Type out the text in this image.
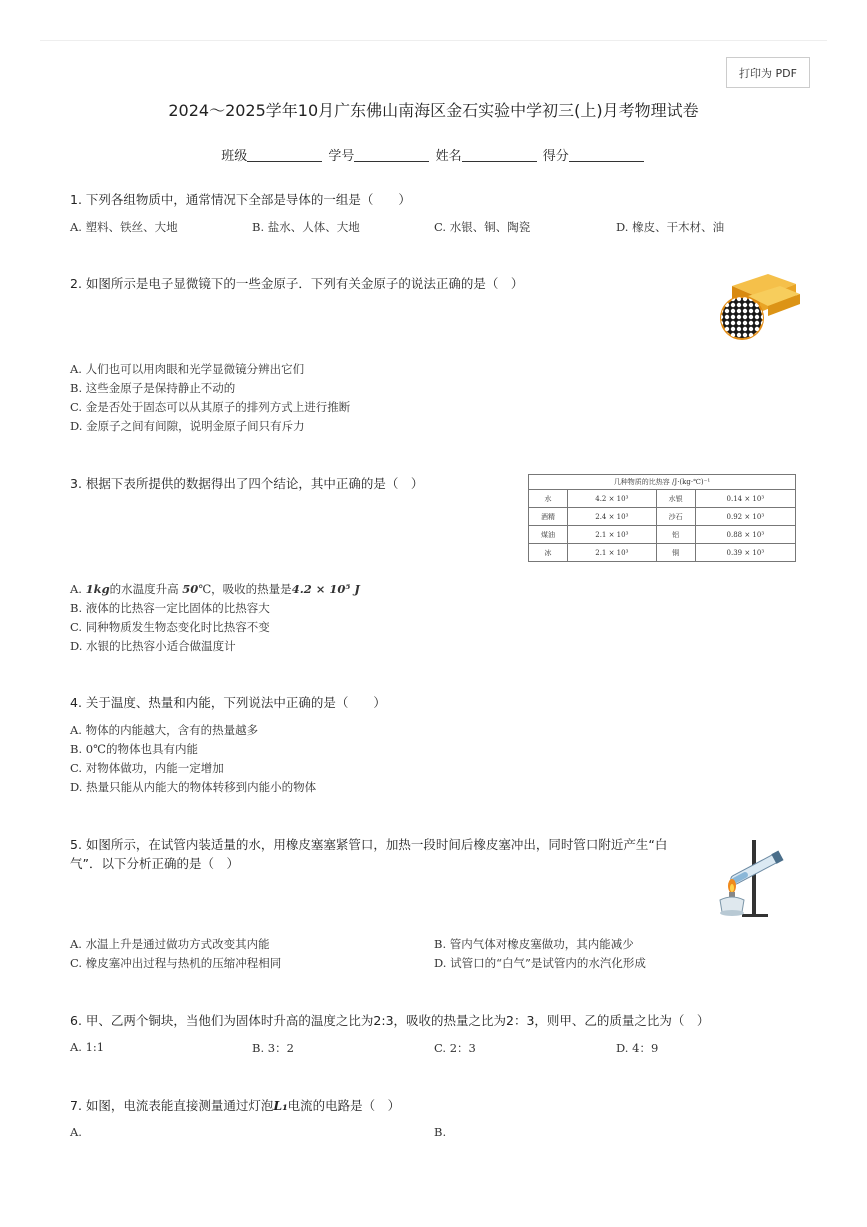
打印为 PDF
2024～2025学年10月广东佛山南海区金石实验中学初三(上)月考物理试卷
班级	学号	姓名	得分
1. 下列各组物质中，通常情况下全部是导体的一组是（　　）
A. 塑料、铁丝、大地	B. 盐水、人体、大地	C. 水银、铜、陶瓷	D. 橡皮、干木材、油
2. 如图所示是电子显微镜下的一些金原子．下列有关金原子的说法正确的是（　）
A. 人们也可以用肉眼和光学显微镜分辨出它们
B. 这些金原子是保持静止不动的
C. 金是否处于固态可以从其原子的排列方式上进行推断
D. 金原子之间有间隙，说明金原子间只有斥力
3. 根据下表所提供的数据得出了四个结论，其中正确的是（　）	几种物质的比热容 /J·(kg·℃)⁻¹			
水	4.2 × 10³	水银	0.14 × 10³
酒精	2.4 × 10³	沙石	0.92 × 10³
煤油	2.1 × 10³	铝	0.88 × 10³
冰	2.1 × 10³	铜	0.39 × 10³
A. 1kg的水温度升高 50℃，吸收的热量是4.2 × 10⁵ J
B. 液体的比热容一定比固体的比热容大
C. 同种物质发生物态变化时比热容不变
D. 水银的比热容小适合做温度计
4. 关于温度、热量和内能，下列说法中正确的是（　　）
A. 物体的内能越大，含有的热量越多
B. 0℃的物体也具有内能
C. 对物体做功，内能一定增加
D. 热量只能从内能大的物体转移到内能小的物体
5. 如图所示，在试管内装适量的水，用橡皮塞塞紧管口，加热一段时间后橡皮塞冲出，同时管口附近产生“白
气”．以下分析正确的是（　）
A. 水温上升是通过做功方式改变其内能	B. 管内气体对橡皮塞做功，其内能减少
C. 橡皮塞冲出过程与热机的压缩冲程相同	D. 试管口的“白气”是试管内的水汽化形成
6. 甲、乙两个铜块，当他们为固体时升高的温度之比为2:3，吸收的热量之比为2：3，则甲、乙的质量之比为（　）
A. 1:1	B. 3：2	C. 2：3	D. 4：9
7. 如图，电流表能直接测量通过灯泡L₁电流的电路是（　）
A.	B.
